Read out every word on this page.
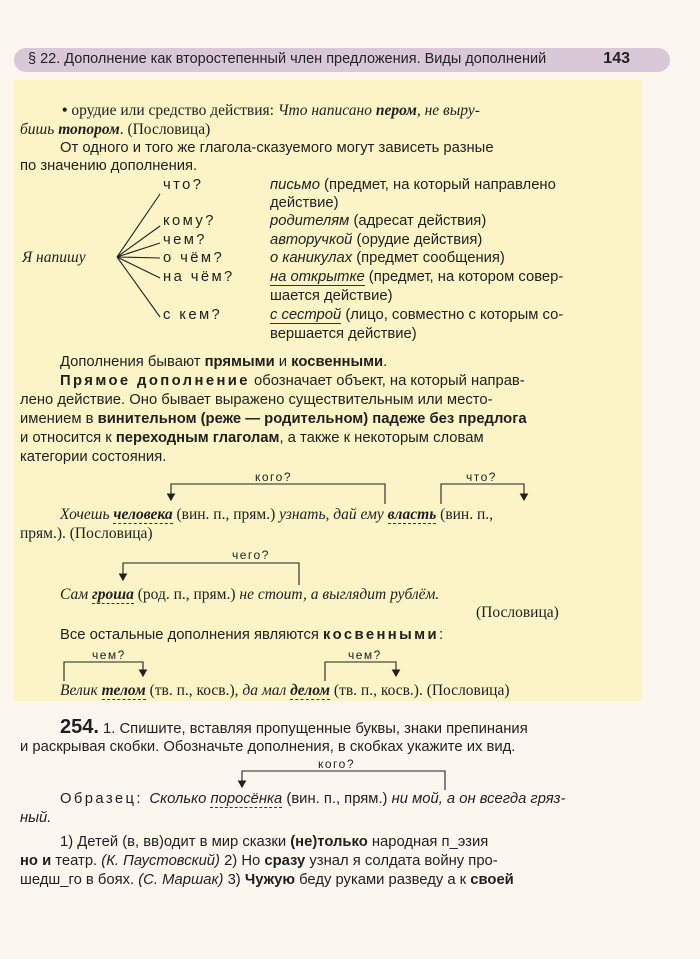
§ 22. Дополнение как второстепенный член предложения. Виды дополнений	143
• орудие или средство действия: Что написано пером, не выру-
бишь топором. (Пословица)
От одного и того же глагола-сказуемого могут зависеть разные
по значению дополнения.
Я напишу
что?	письмо (предмет, на который направлено
действие)
кому?	родителям (адресат действия)
чем?	авторучкой (орудие действия)
о чём?	о каникулах (предмет сообщения)
на чём? на открытке (предмет, на котором совер-
шается действие)
с кем?	с сестрой (лицо, совместно с которым со-
вершается действие)
Дополнения бывают прямыми и косвенными.
Прямое дополнение обозначает объект, на который направ-
лено действие. Оно бывает выражено существительным или место-
имением в винительном (реже — родительном) падеже без предлога
и относится к переходным глаголам, а также к некоторым словам
категории состояния.
кого?	что?
Хочешь человека (вин. п., прям.) узнать, дай ему власть (вин. п.,
прям.). (Пословица)
чего?
Сам гроша (род. п., прям.) не стоит, а выглядит рублём.
(Пословица)
Все остальные дополнения являются косвенными:
чем?	чем?
Велик телом (тв. п., косв.), да мал делом (тв. п., косв.). (Пословица)
254. 1. Спишите, вставляя пропущенные буквы, знаки препинания
и раскрывая скобки. Обозначьте дополнения, в скобках укажите их вид.
кого?
Образец: Сколько поросёнка (вин. п., прям.) ни мой, а он всегда гряз-
ный.
1) Детей (в, вв)одит в мир сказки (не)только народная п_эзия
но и театр. (К. Паустовский) 2) Но сразу узнал я солдата войну про-
шедш_го в боях. (С. Маршак) 3) Чужую беду руками разведу а к своей
